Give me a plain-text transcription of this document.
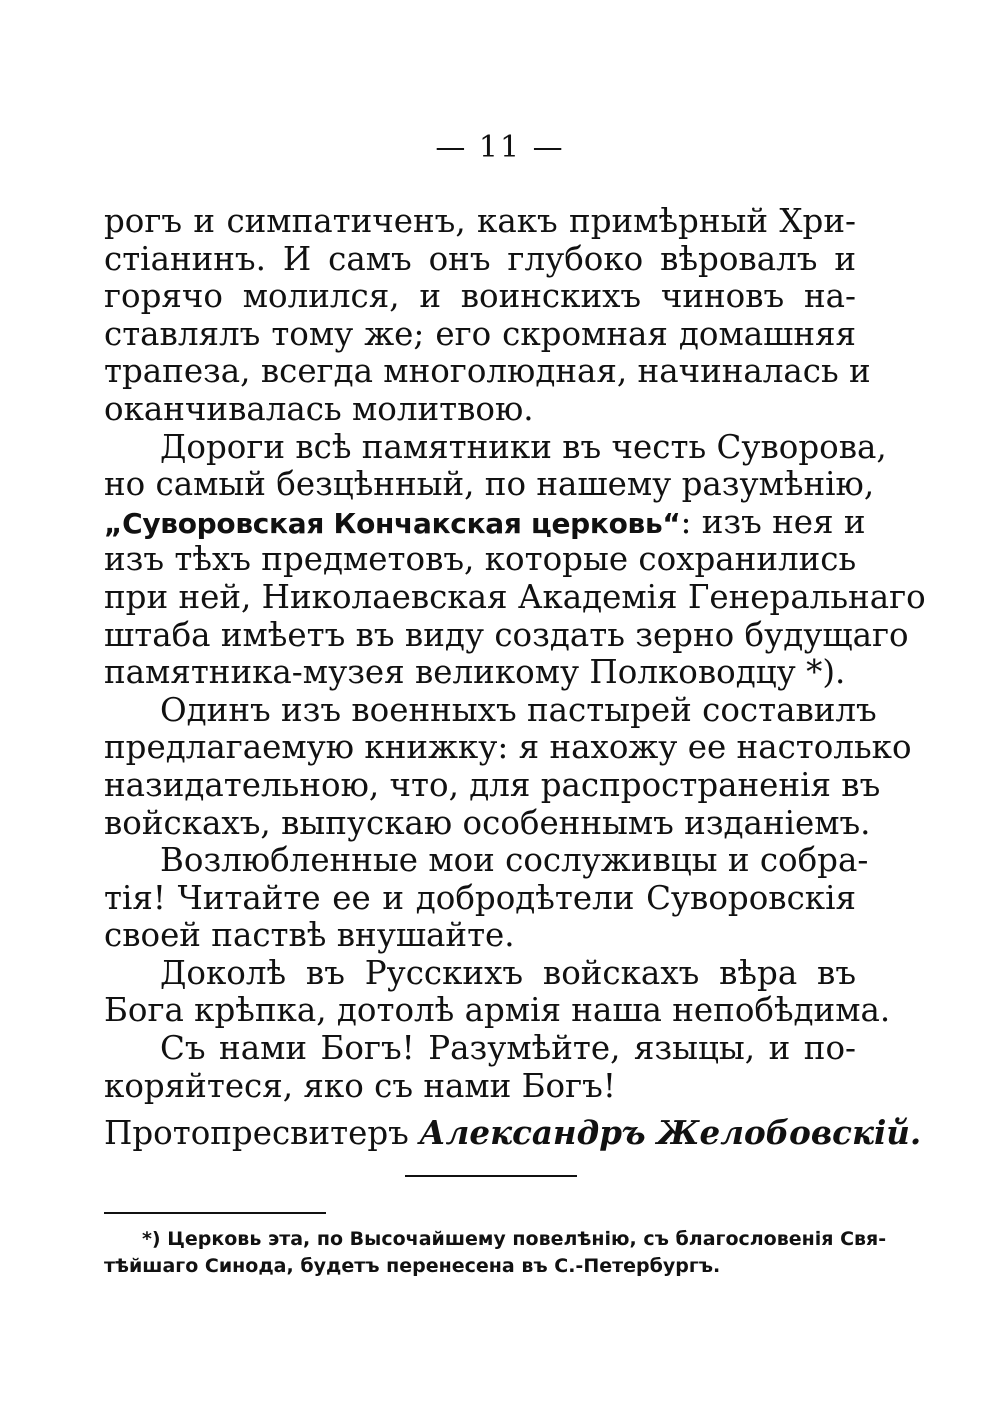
— 11 —
рогъ и симпатиченъ, какъ примѣрный Хри-
стіанинъ. И самъ онъ глубоко вѣровалъ и
горячо молился, и воинскихъ чиновъ на-
ставлялъ тому же; его скромная домашняя
трапеза, всегда многолюдная, начиналась и
оканчивалась молитвою.
Дороги всѣ памятники въ честь Суворова,
но самый безцѣнный, по нашему разумѣнію,
„Суворовская Кончакская церковь“: изъ нея и
изъ тѣхъ предметовъ, которые сохранились
при ней, Николаевская Академія Генеральнаго
штаба имѣетъ въ виду создать зерно будущаго
памятника-музея великому Полководцу *).
Одинъ изъ военныхъ пастырей составилъ
предлагаемую книжку: я нахожу ее настолько
назидательною, что, для распространенія въ
войскахъ, выпускаю особеннымъ изданіемъ.
Возлюбленные мои сослуживцы и собра-
тія! Читайте ее и добродѣтели Суворовскія
своей паствѣ внушайте.
Доколѣ въ Русскихъ войскахъ вѣра въ
Бога крѣпка, дотолѣ армія наша непобѣдима.
Съ нами Богъ! Разумѣйте, языцы, и по-
коряйтеся, яко съ нами Богъ!
Протопресвитеръ Александръ Желобовскій.
*) Церковь эта, по Высочайшему повелѣнію, съ благословенія Свя-
тѣйшаго Синода, будетъ перенесена въ С.-Петербургъ.
